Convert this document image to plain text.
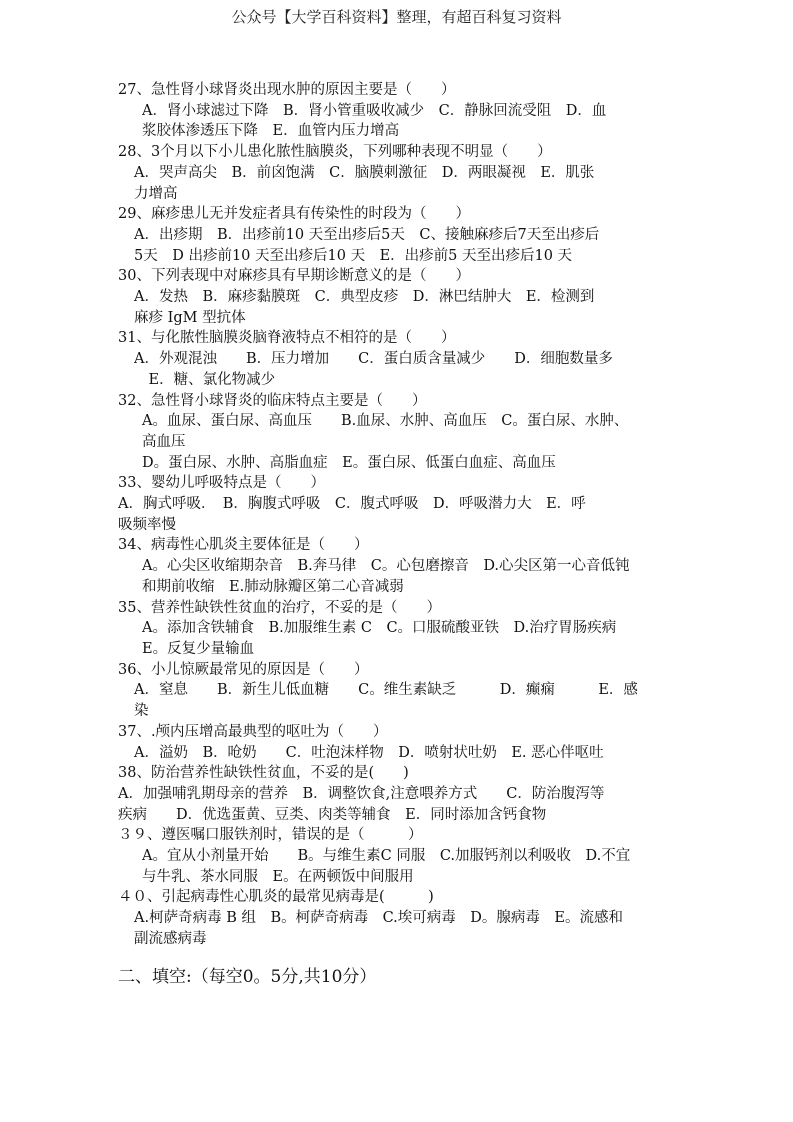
公众号【大学百科资料】整理，有超百科复习资料
27、急性肾小球肾炎出现水肿的原因主要是（　　）
A．肾小球滤过下降　B．肾小管重吸收减少　C．静脉回流受阻　D．血
浆胶体渗透压下降　E．血管内压力增高
28、3个月以下小儿患化脓性脑膜炎，下列哪种表现不明显（　　）
A．哭声高尖　B．前囟饱满　C．脑膜刺激征　D．两眼凝视　E．肌张
力增高
29、麻疹患儿无并发症者具有传染性的时段为（　　）
A．出疹期　B．出疹前10 天至出疹后5天　C、接触麻疹后7天至出疹后
5天　D 出疹前10 天至出疹后10 天　E．出疹前5 天至出疹后10 天
30、下列表现中对麻疹具有早期诊断意义的是（　　）
A．发热　B．麻疹黏膜斑　C．典型皮疹　D．淋巴结肿大　E．检测到
麻疹 IgM 型抗体
31、与化脓性脑膜炎脑脊液特点不相符的是（　　）
A．外观混浊　　B．压力增加　　C．蛋白质含量减少　　D．细胞数量多
　E．糖、氯化物减少
32、急性肾小球肾炎的临床特点主要是（　　）
A。血尿、蛋白尿、高血压　　B.血尿、水肿、高血压　C。蛋白尿、水肿、
高血压
D。蛋白尿、水肿、高脂血症　E。蛋白尿、低蛋白血症、高血压
33、婴幼儿呼吸特点是（　　）
A．胸式呼吸．　B．胸腹式呼吸　C．腹式呼吸　D．呼吸潜力大　E．呼
吸频率慢
34、病毒性心肌炎主要体征是（　　）
A。心尖区收缩期杂音　B.奔马律　C。心包磨擦音　D.心尖区第一心音低钝
和期前收缩　E.肺动脉瓣区第二心音减弱
35、营养性缺铁性贫血的治疗，不妥的是（　　）
A。添加含铁辅食　B.加服维生素 C　C。口服硫酸亚铁　D.治疗胃肠疾病
E。反复少量输血
36、小儿惊厥最常见的原因是（　　）
A．窒息　　B．新生儿低血糖　　C。维生素缺乏　　　D．癫痫　　　E．感
染
37、.颅内压增高最典型的呕吐为（　　）
A．溢奶　B．呛奶　　C．吐泡沫样物　D．喷射状吐奶　E. 恶心伴呕吐
38、防治营养性缺铁性贫血，不妥的是(　　)
A．加强哺乳期母亲的营养　B．调整饮食,注意喂养方式　　C．防治腹泻等
疾病　　D．优选蛋黄、豆类、肉类等辅食　E．同时添加含钙食物
３９、遵医嘱口服铁剂时，错误的是（　　　）
A。宜从小剂量开始　　B。与维生素C 同服　C.加服钙剂以利吸收　D.不宜
与牛乳、茶水同服　E。在两顿饭中间服用
４０、引起病毒性心肌炎的最常见病毒是(　　　)
A.柯萨奇病毒 B 组　B。柯萨奇病毒　C.埃可病毒　D。腺病毒　E。流感和
副流感病毒
二、填空:（每空0。5分,共10分）
